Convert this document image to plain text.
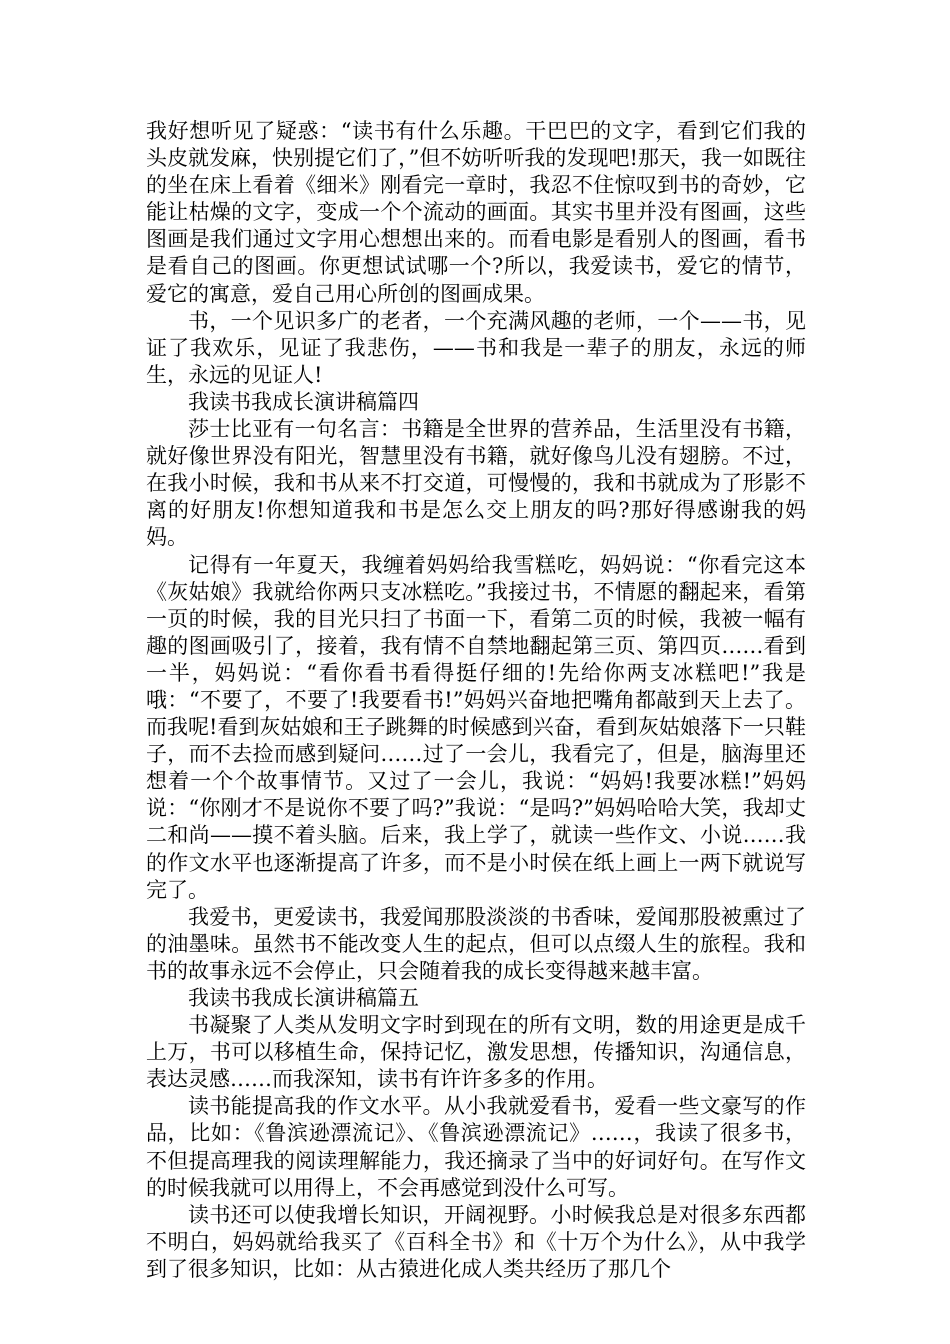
我好想听见了疑惑：“读书有什么乐趣。干巴巴的文字，看到它们我的头皮就发麻，快别提它们了，”但不妨听听我的发现吧!那天，我一如既往的坐在床上看着《细米》刚看完一章时，我忍不住惊叹到书的奇妙，它能让枯燥的文字，变成一个个流动的画面。其实书里并没有图画，这些图画是我们通过文字用心想想出来的。而看电影是看别人的图画，看书是看自己的图画。你更想试试哪一个?所以，我爱读书，爱它的情节，爱它的寓意，爱自己用心所创的图画成果。

书，一个见识多广的老者，一个充满风趣的老师，一个——书，见证了我欢乐，见证了我悲伤，——书和我是一辈子的朋友，永远的师生，永远的见证人!

我读书我成长演讲稿篇四

莎士比亚有一句名言：书籍是全世界的营养品，生活里没有书籍，就好像世界没有阳光，智慧里没有书籍，就好像鸟儿没有翅膀。不过，在我小时候，我和书从来不打交道，可慢慢的，我和书就成为了形影不离的好朋友!你想知道我和书是怎么交上朋友的吗?那好得感谢我的妈妈。

记得有一年夏天，我缠着妈妈给我雪糕吃，妈妈说：“你看完这本《灰姑娘》我就给你两只支冰糕吃。”我接过书，不情愿的翻起来，看第一页的时候，我的目光只扫了书面一下，看第二页的时候，我被一幅有趣的图画吸引了，接着，我有情不自禁地翻起第三页、第四页……看到一半，妈妈说：“看你看书看得挺仔细的!先给你两支冰糕吧!”我是哦：“不要了，不要了!我要看书!”妈妈兴奋地把嘴角都敲到天上去了。而我呢!看到灰姑娘和王子跳舞的时候感到兴奋，看到灰姑娘落下一只鞋子，而不去捡而感到疑问……过了一会儿，我看完了，但是，脑海里还想着一个个故事情节。又过了一会儿，我说：“妈妈!我要冰糕!”妈妈说：“你刚才不是说你不要了吗?”我说：“是吗?”妈妈哈哈大笑，我却丈二和尚——摸不着头脑。后来，我上学了，就读一些作文、小说……我的作文水平也逐渐提高了许多，而不是小时侯在纸上画上一两下就说写完了。

我爱书，更爱读书，我爱闻那股淡淡的书香味，爱闻那股被熏过了的油墨味。虽然书不能改变人生的起点，但可以点缀人生的旅程。我和书的故事永远不会停止，只会随着我的成长变得越来越丰富。

我读书我成长演讲稿篇五

书凝聚了人类从发明文字时到现在的所有文明，数的用途更是成千上万，书可以移植生命，保持记忆，激发思想，传播知识，沟通信息，表达灵感……而我深知，读书有许许多多的作用。

读书能提高我的作文水平。从小我就爱看书，爱看一些文豪写的作品，比如：《鲁滨逊漂流记》、《鲁滨逊漂流记》……，我读了很多书，不但提高理我的阅读理解能力，我还摘录了当中的好词好句。在写作文的时候我就可以用得上，不会再感觉到没什么可写。

读书还可以使我增长知识，开阔视野。小时候我总是对很多东西都不明白，妈妈就给我买了《百科全书》和《十万个为什么》，从中我学到了很多知识，比如：从古猿进化成人类共经历了那几个
